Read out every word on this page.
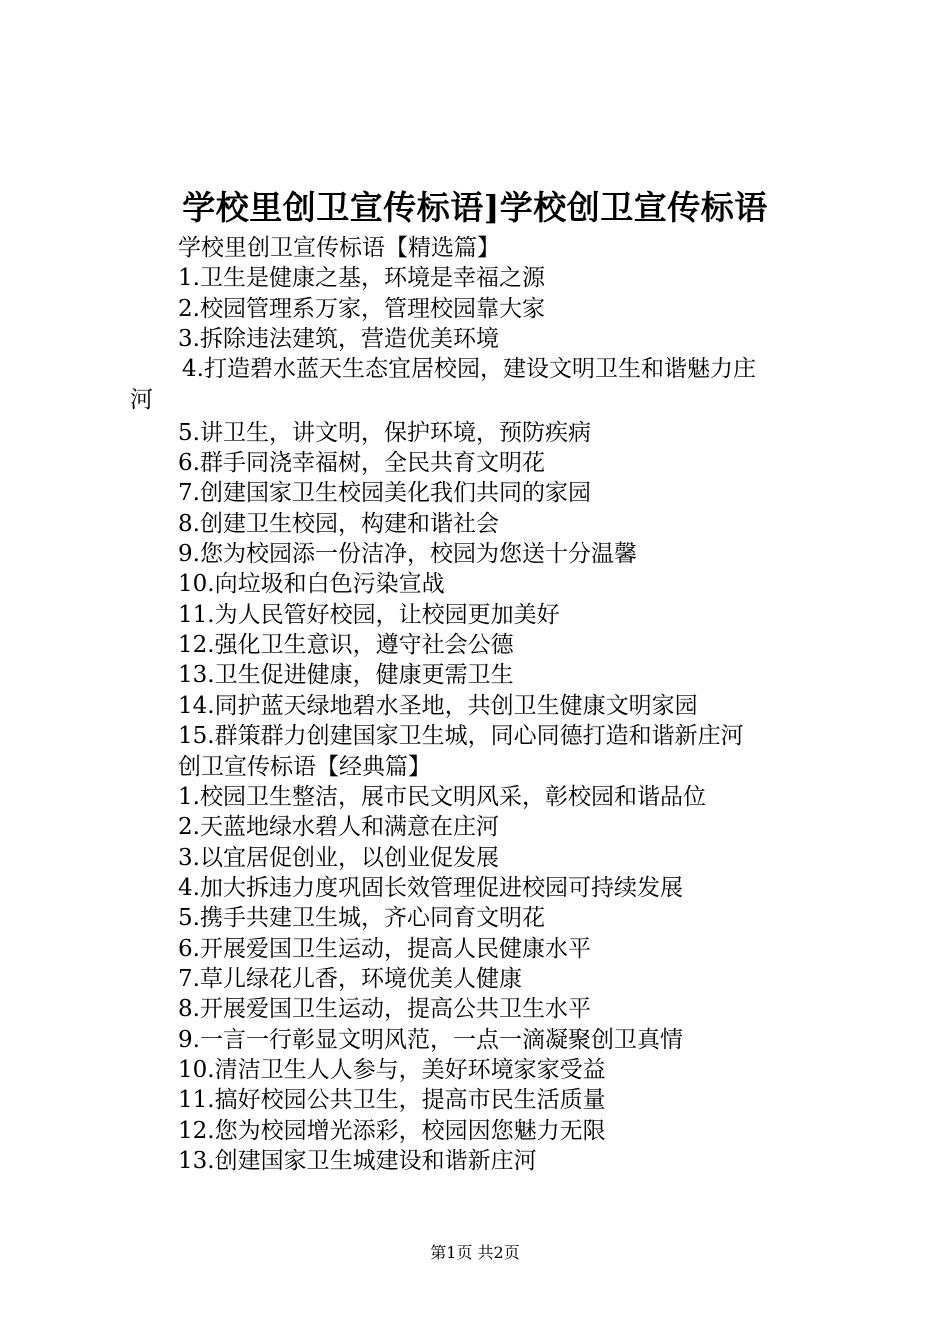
学校里创卫宣传标语]学校创卫宣传标语
学校里创卫宣传标语【精选篇】
1.卫生是健康之基，环境是幸福之源
2.校园管理系万家，管理校园靠大家
3.拆除违法建筑，营造优美环境
4.打造碧水蓝天生态宜居校园，建设文明卫生和谐魅力庄
河
5.讲卫生，讲文明，保护环境，预防疾病
6.群手同浇幸福树，全民共育文明花
7.创建国家卫生校园美化我们共同的家园
8.创建卫生校园，构建和谐社会
9.您为校园添一份洁净，校园为您送十分温馨
10.向垃圾和白色污染宣战
11.为人民管好校园，让校园更加美好
12.强化卫生意识，遵守社会公德
13.卫生促进健康，健康更需卫生
14.同护蓝天绿地碧水圣地，共创卫生健康文明家园
15.群策群力创建国家卫生城，同心同德打造和谐新庄河
创卫宣传标语【经典篇】
1.校园卫生整洁，展市民文明风采，彰校园和谐品位
2.天蓝地绿水碧人和满意在庄河
3.以宜居促创业，以创业促发展
4.加大拆违力度巩固长效管理促进校园可持续发展
5.携手共建卫生城，齐心同育文明花
6.开展爱国卫生运动，提高人民健康水平
7.草儿绿花儿香，环境优美人健康
8.开展爱国卫生运动，提高公共卫生水平
9.一言一行彰显文明风范，一点一滴凝聚创卫真情
10.清洁卫生人人参与，美好环境家家受益
11.搞好校园公共卫生，提高市民生活质量
12.您为校园增光添彩，校园因您魅力无限
13.创建国家卫生城建设和谐新庄河
第1页 共2页
